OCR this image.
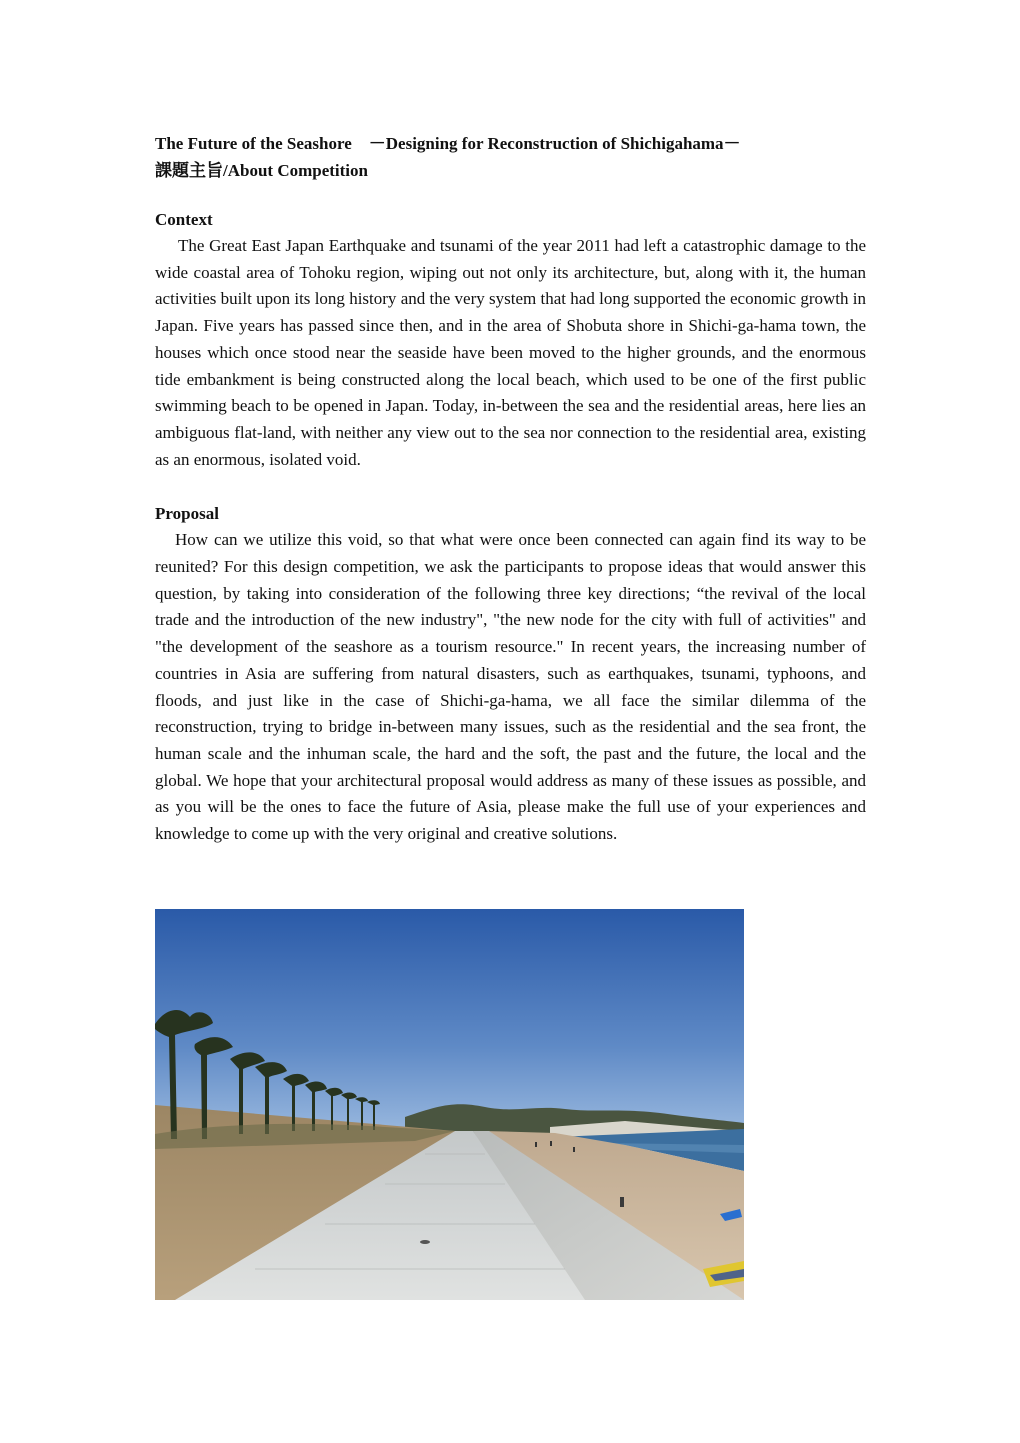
The Future of the Seashore　－Designing for Reconstruction of Shichigahama－

課題主旨/About Competition

Context

The Great East Japan Earthquake and tsunami of the year 2011 had left a catastrophic damage to the wide coastal area of Tohoku region, wiping out not only its architecture, but, along with it, the human activities built upon its long history and the very system that had long supported the economic growth in Japan. Five years has passed since then, and in the area of Shobuta shore in Shichi-ga-hama town, the houses which once stood near the seaside have been moved to the higher grounds, and the enormous tide embankment is being constructed along the local beach, which used to be one of the first public swimming beach to be opened in Japan. Today, in-between the sea and the residential areas, here lies an ambiguous flat-land, with neither any view out to the sea nor connection to the residential area, existing as an enormous, isolated void.

Proposal

How can we utilize this void, so that what were once been connected can again find its way to be reunited? For this design competition, we ask the participants to propose ideas that would answer this question, by taking into consideration of the following three key directions; “the revival of the local trade and the introduction of the new industry", "the new node for the city with full of activities" and "the development of the seashore as a tourism resource." In recent years, the increasing number of countries in Asia are suffering from natural disasters, such as earthquakes, tsunami, typhoons, and floods, and just like in the case of Shichi-ga-hama, we all face the similar dilemma of the reconstruction, trying to bridge in-between many issues, such as the residential and the sea front, the human scale and the inhuman scale, the hard and the soft, the past and the future, the local and the global. We hope that your architectural proposal would address as many of these issues as possible, and as you will be the ones to face the future of Asia, please make the full use of your experiences and knowledge to come up with the very original and creative solutions.
